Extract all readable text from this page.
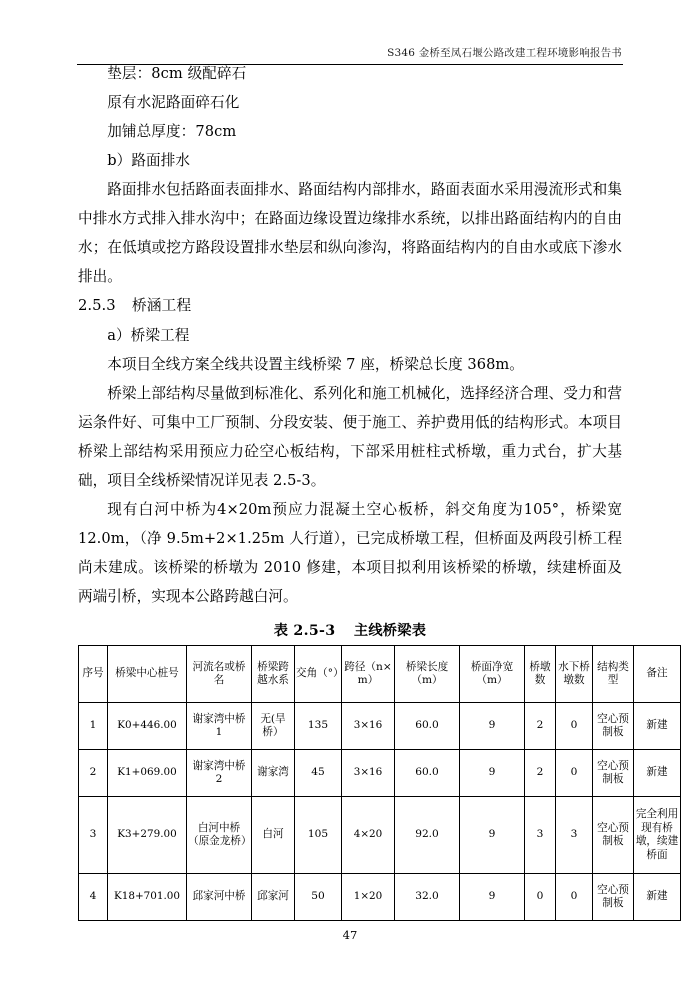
S346 金桥至凤石堰公路改建工程环境影响报告书

垫层：8cm 级配碎石

原有水泥路面碎石化

加铺总厚度：78cm

b）路面排水

路面排水包括路面表面排水、路面结构内部排水，路面表面水采用漫流形式和集中排水方式排入排水沟中；在路面边缘设置边缘排水系统，以排出路面结构内的自由水；在低填或挖方路段设置排水垫层和纵向渗沟，将路面结构内的自由水或底下渗水排出。

2.5.3 桥涵工程

a）桥梁工程

本项目全线方案全线共设置主线桥梁 7 座，桥梁总长度 368m。

桥梁上部结构尽量做到标准化、系列化和施工机械化，选择经济合理、受力和营运条件好、可集中工厂预制、分段安装、便于施工、养护费用低的结构形式。本项目桥梁上部结构采用预应力砼空心板结构，下部采用桩柱式桥墩，重力式台，扩大基础，项目全线桥梁情况详见表 2.5-3。

现有白河中桥为4×20m预应力混凝土空心板桥，斜交角度为105°，桥梁宽12.0m，（净 9.5m+2×1.25m 人行道），已完成桥墩工程，但桥面及两段引桥工程尚未建成。该桥梁的桥墩为 2010 修建，本项目拟利用该桥梁的桥墩，续建桥面及两端引桥，实现本公路跨越白河。

表 2.5-3 主线桥梁表
序号	桥梁中心桩号	河流名或桥名	桥梁跨越水系	交角（°）	跨径（n×m）	桥梁长度（m）	桥面净宽（m）	桥墩数	水下桥墩数	结构类型	备注
1	K0+446.00	谢家湾中桥 1	无(旱桥）	135	3×16	60.0	9	2	0	空心预制板	新建
2	K1+069.00	谢家湾中桥 2	谢家湾	45	3×16	60.0	9	2	0	空心预制板	新建
3	K3+279.00	白河中桥（原金龙桥）	白河	105	4×20	92.0	9	3	3	空心预制板	完全利用现有桥墩，续建桥面
4	K18+701.00	邱家河中桥	邱家河	50	1×20	32.0	9	0	0	空心预制板	新建
47
